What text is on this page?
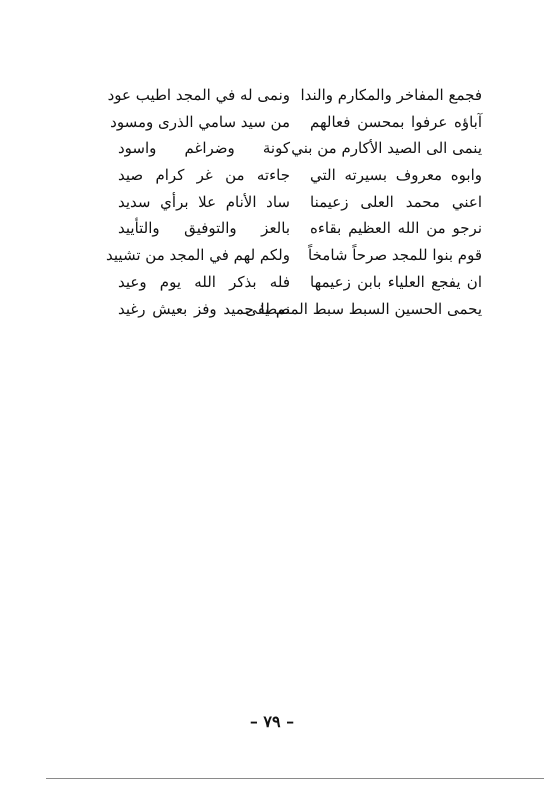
فجمع المفاخر والمكارم والندا
ونمى له في المجد اطيب عود
آباؤه عرفوا بمحسن فعالهم
من سيد سامي الذرى ومسود
ينمى الى الصيد الأكارم من بني
كونة وضراغم واسود
وابوه معروف بسيرته التي
جاءته من غر كرام صيد
اعني محمد العلى زعيمنا
ساد الأنام علا برأي سديد
نرجو من الله العظيم بقاءه
بالعز والتوفيق والتأييد
قوم بنوا للمجد صرحاً شامخاً
ولكم لهم في المجد من تشييد
ان يفجع العلياء بابن زعيمها
فله بذكر الله يوم وعيد
يحمى الحسين السبط سبط المصطفى
نم يا حميد وفز بعيش رغيد
– ٧٩ –
